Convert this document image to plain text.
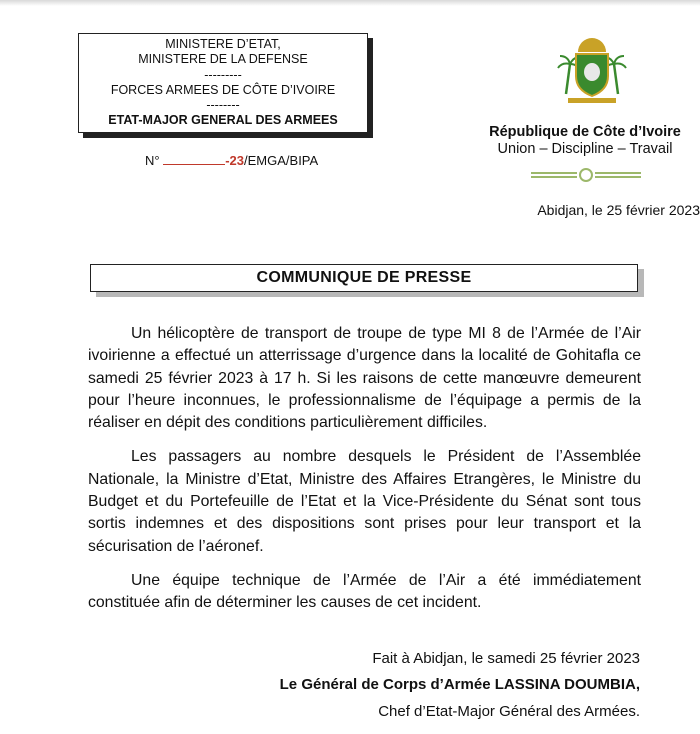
MINISTERE D’ETAT,
MINISTERE DE LA DEFENSE
---------
FORCES ARMEES DE CÔTE D’IVOIRE
--------
ETAT-MAJOR GENERAL DES ARMEES
N°	-23/EMGA/BIPA
République de Côte d’Ivoire
Union – Discipline – Travail
Abidjan, le 25 février 2023
COMMUNIQUE DE PRESSE

Un hélicoptère de transport de troupe de type MI 8 de l’Armée de l’Air ivoirienne a effectué un atterrissage d’urgence dans la localité de Gohitafla ce samedi 25 février 2023 à 17 h. Si les raisons de cette manœuvre demeurent pour l’heure inconnues, le professionnalisme de l’équipage a permis de la réaliser en dépit des conditions particulièrement difficiles.

Les passagers au nombre desquels le Président de l’Assemblée Nationale, la Ministre d’Etat, Ministre des Affaires Etrangères, le Ministre du Budget et du Portefeuille de l’Etat et la Vice-Présidente du Sénat sont tous sortis indemnes et des dispositions sont prises pour leur transport et la sécurisation de l’aéronef.

Une équipe technique de l’Armée de l’Air a été immédiatement constituée afin de déterminer les causes de cet incident.

Fait à Abidjan, le samedi 25 février 2023
Le Général de Corps d’Armée LASSINA DOUMBIA,
Chef d’Etat-Major Général des Armées.
